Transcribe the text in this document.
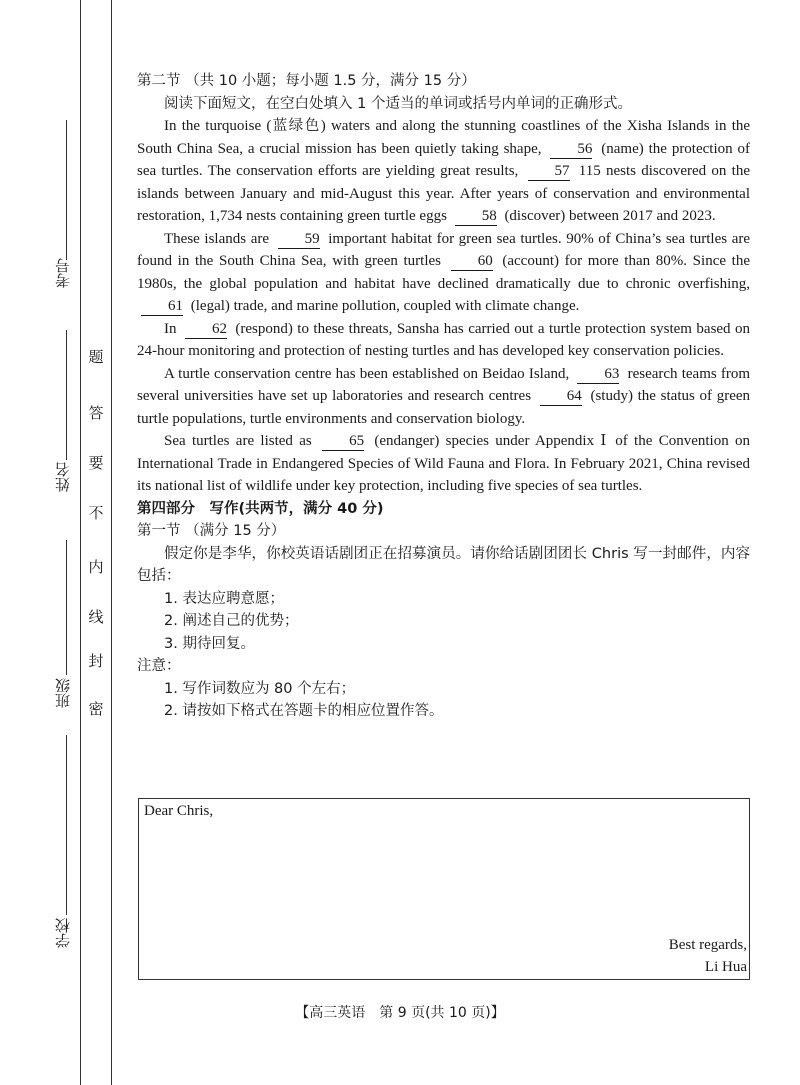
考号
姓名
班级
学校
题
答
要
不
内
线
封
密

第二节 （共 10 小题；每小题 1.5 分，满分 15 分）

阅读下面短文，在空白处填入 1 个适当的单词或括号内单词的正确形式。

In the turquoise (蓝绿色) waters and along the stunning coastlines of the Xisha Islands in the South China Sea, a crucial mission has been quietly taking shape, 56 (name) the protection of sea turtles. The conservation efforts are yielding great results, 57 115 nests discovered on the islands between January and mid-August this year. After years of conservation and environmental restoration, 1,734 nests containing green turtle eggs 58 (discover) between 2017 and 2023.

These islands are 59 important habitat for green sea turtles. 90% of China’s sea turtles are found in the South China Sea, with green turtles 60 (account) for more than 80%. Since the 1980s, the global population and habitat have declined dramatically due to chronic overfishing, 61 (legal) trade, and marine pollution, coupled with climate change.

In 62 (respond) to these threats, Sansha has carried out a turtle protection system based on 24-hour monitoring and protection of nesting turtles and has developed key conservation policies.

A turtle conservation centre has been established on Beidao Island, 63 research teams from several universities have set up laboratories and research centres 64 (study) the status of green turtle populations, turtle environments and conservation biology.

Sea turtles are listed as 65 (endanger) species under Appendix Ⅰ of the Convention on International Trade in Endangered Species of Wild Fauna and Flora. In February 2021, China revised its national list of wildlife under key protection, including five species of sea turtles.

第四部分　写作(共两节，满分 40 分)

第一节 （满分 15 分）

假定你是李华，你校英语话剧团正在招募演员。请你给话剧团团长 Chris 写一封邮件，内容包括：

1. 表达应聘意愿；

2. 阐述自己的优势；

3. 期待回复。

注意：

1. 写作词数应为 80 个左右；

2. 请按如下格式在答题卡的相应位置作答。

Dear Chris,
Best regards,
Li Hua
【高三英语　第 9 页(共 10 页)】
